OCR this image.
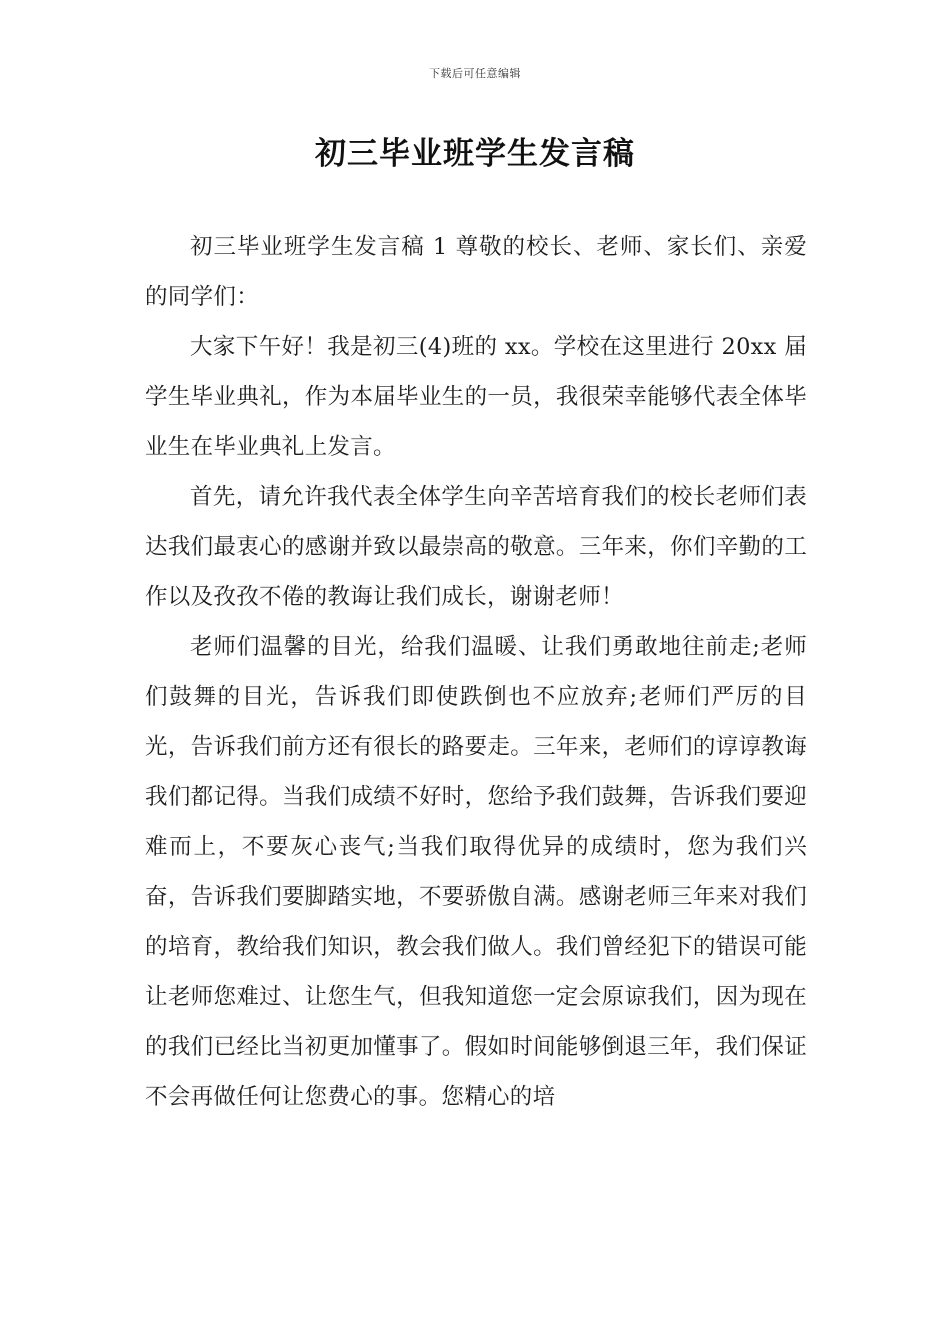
下载后可任意编辑
初三毕业班学生发言稿

初三毕业班学生发言稿 1 尊敬的校长、老师、家长们、亲爱的同学们：

大家下午好！我是初三(4)班的 xx。学校在这里进行 20xx 届学生毕业典礼，作为本届毕业生的一员，我很荣幸能够代表全体毕业生在毕业典礼上发言。

首先，请允许我代表全体学生向辛苦培育我们的校长老师们表达我们最衷心的感谢并致以最崇高的敬意。三年来，你们辛勤的工作以及孜孜不倦的教诲让我们成长，谢谢老师！

老师们温馨的目光，给我们温暖、让我们勇敢地往前走;老师们鼓舞的目光，告诉我们即使跌倒也不应放弃;老师们严厉的目光，告诉我们前方还有很长的路要走。三年来，老师们的谆谆教诲我们都记得。当我们成绩不好时，您给予我们鼓舞，告诉我们要迎难而上，不要灰心丧气;当我们取得优异的成绩时，您为我们兴奋，告诉我们要脚踏实地，不要骄傲自满。感谢老师三年来对我们的培育，教给我们知识，教会我们做人。我们曾经犯下的错误可能让老师您难过、让您生气，但我知道您一定会原谅我们，因为现在的我们已经比当初更加懂事了。假如时间能够倒退三年，我们保证不会再做任何让您费心的事。您精心的培
